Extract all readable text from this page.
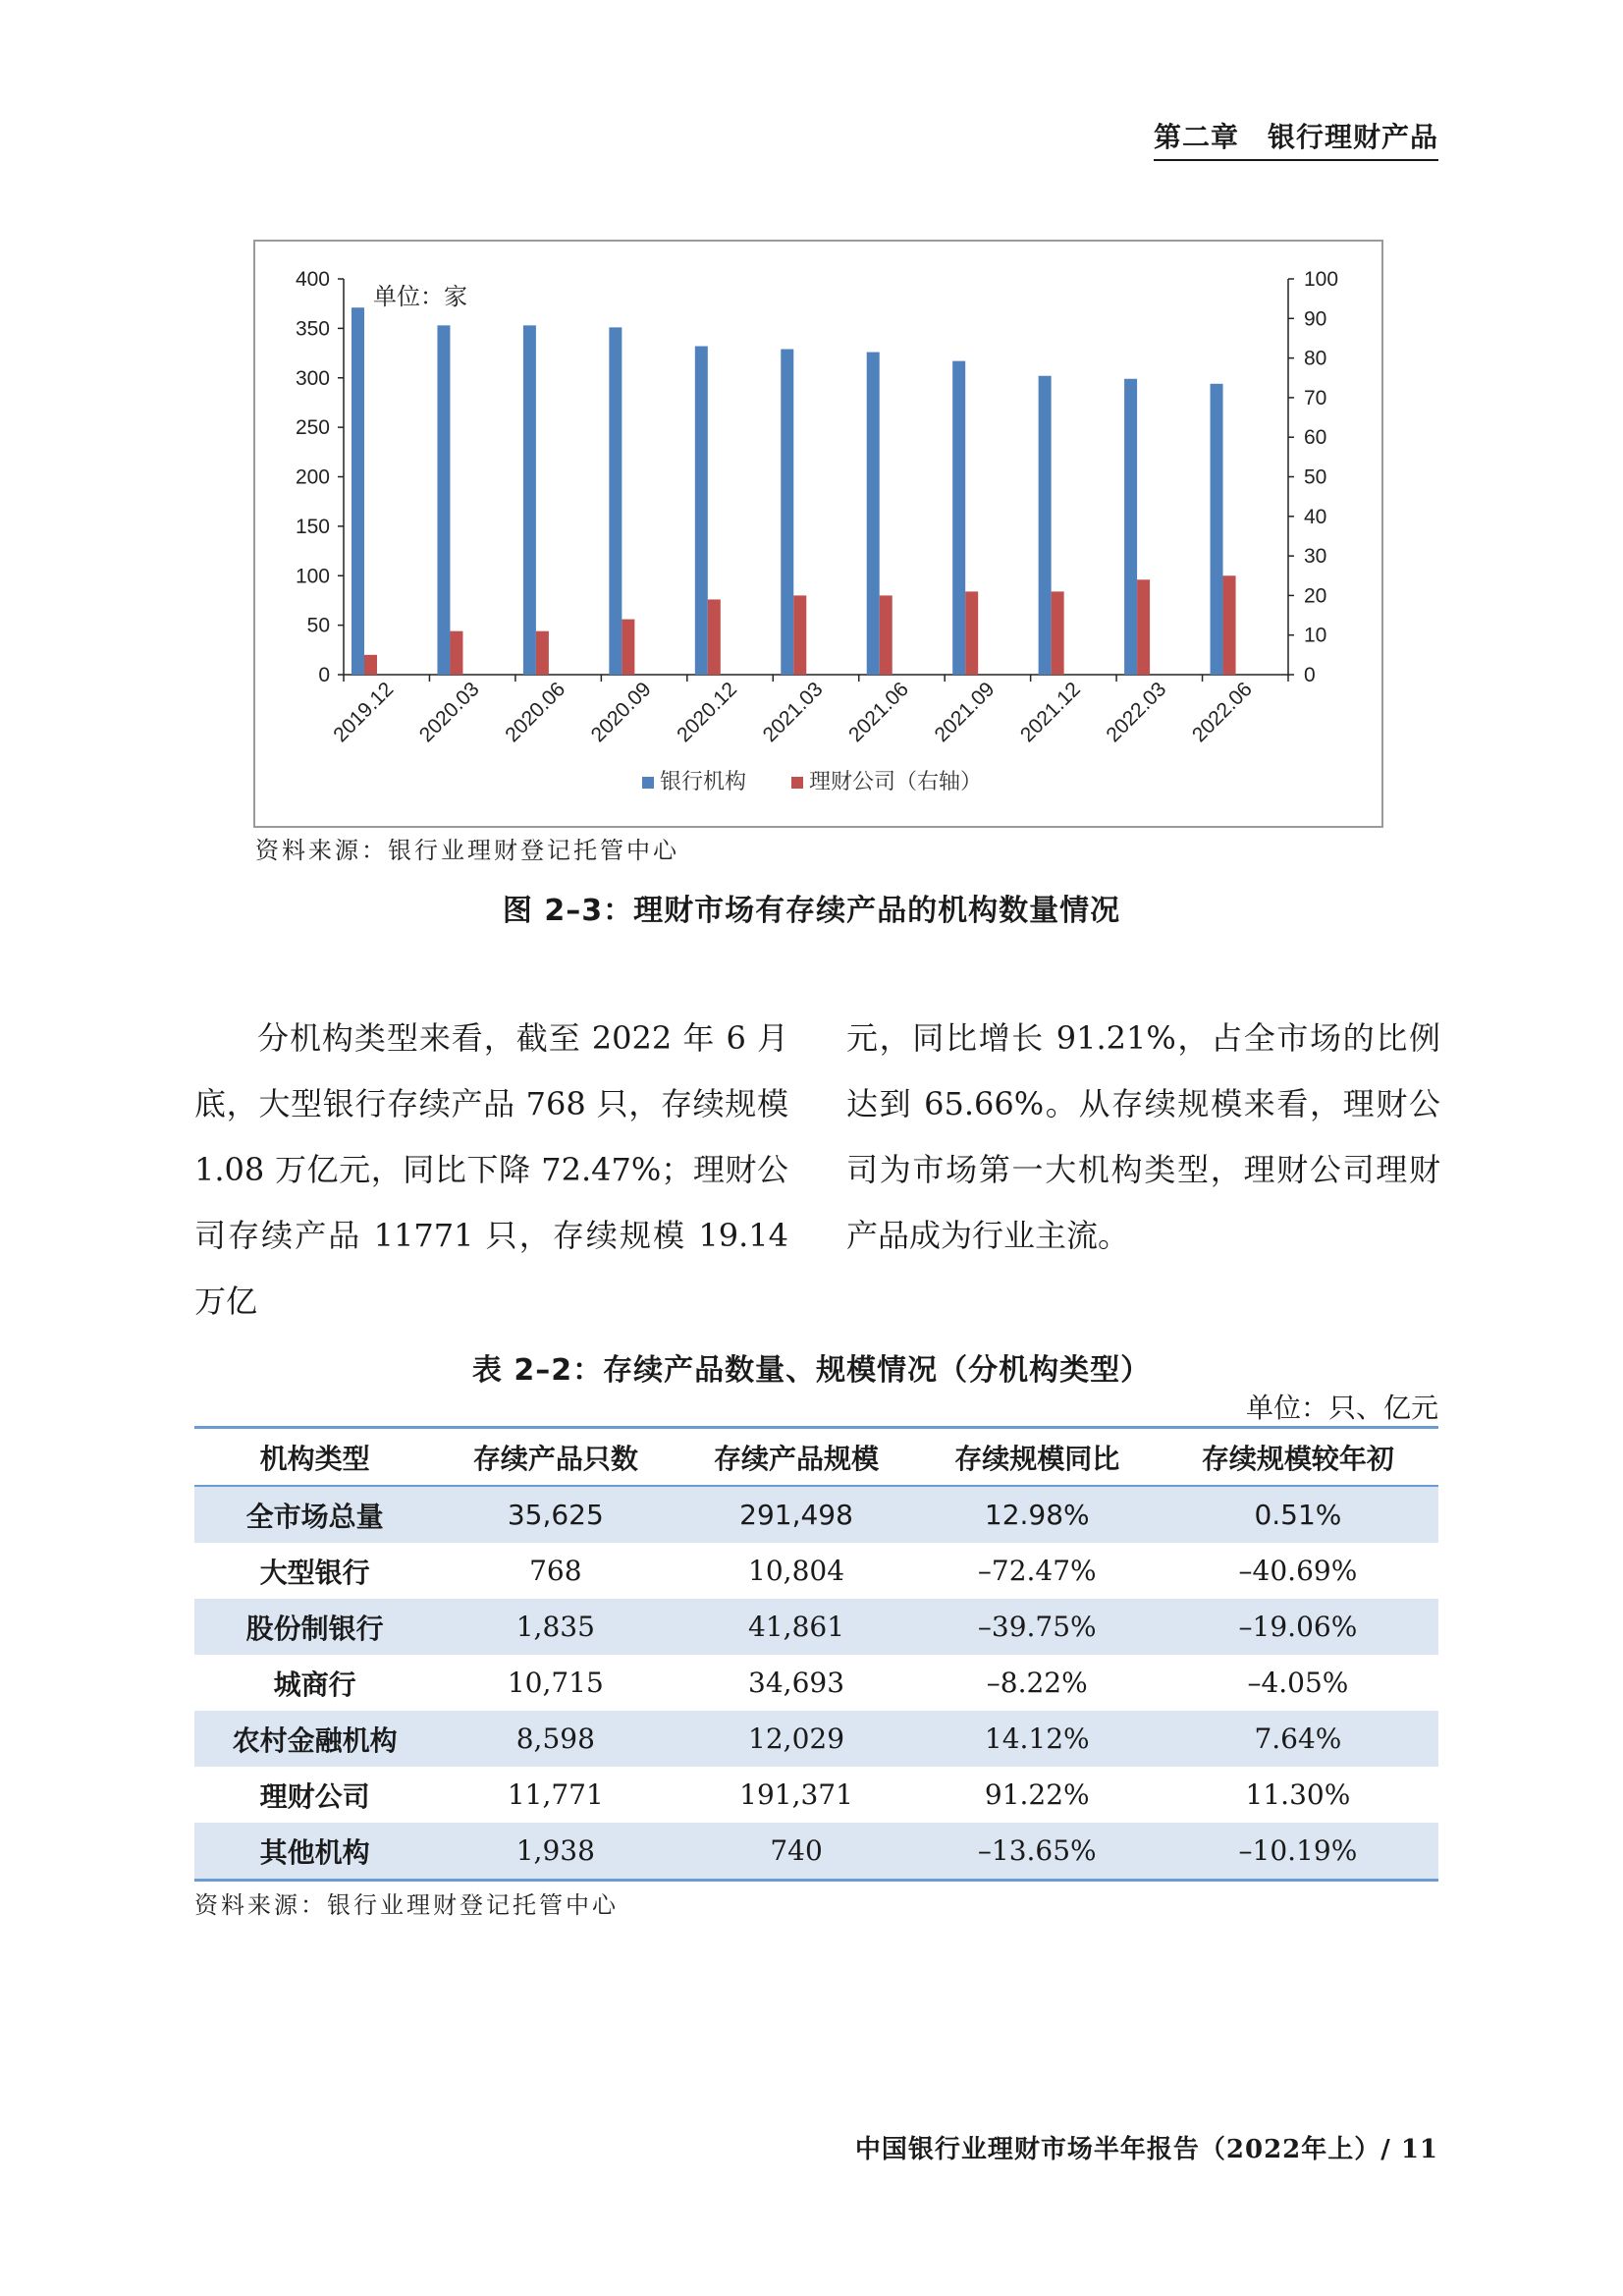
第二章　银行理财产品
0
50
100
150
200
250
300
350
400
0
10
20
30
40
50
60
70
80
90
100
2019.12 2020.03 2020.06 2020.09 2020.12 2021.03 2021.06 2021.09 2021.12 2022.03 2022.06
单位：家
银行机构	理财公司（右轴）
资料来源：银行业理财登记托管中心
图 2–3：理财市场有存续产品的机构数量情况
分机构类型来看，截至 2022 年 6 月底，大型银行存续产品 768 只，存续规模 1.08 万亿元，同比下降 72.47%；理财公司存续产品 11771 只，存续规模 19.14 万亿
元，同比增长 91.21%，占全市场的比例达到 65.66%。从存续规模来看，理财公司为市场第一大机构类型，理财公司理财产品成为行业主流。
表 2–2：存续产品数量、规模情况（分机构类型）
单位：只、亿元
机构类型	存续产品只数	存续产品规模	存续规模同比	存续规模较年初
全市场总量	35,625	291,498	12.98%	0.51%
大型银行	768	10,804	–72.47%	–40.69%
股份制银行	1,835	41,861	–39.75%	–19.06%
城商行	10,715	34,693	–8.22%	–4.05%
农村金融机构	8,598	12,029	14.12%	7.64%
理财公司	11,771	191,371	91.22%	11.30%
其他机构	1,938	740	–13.65%	–10.19%
资料来源：银行业理财登记托管中心
中国银行业理财市场半年报告（2022年上）/ 11
